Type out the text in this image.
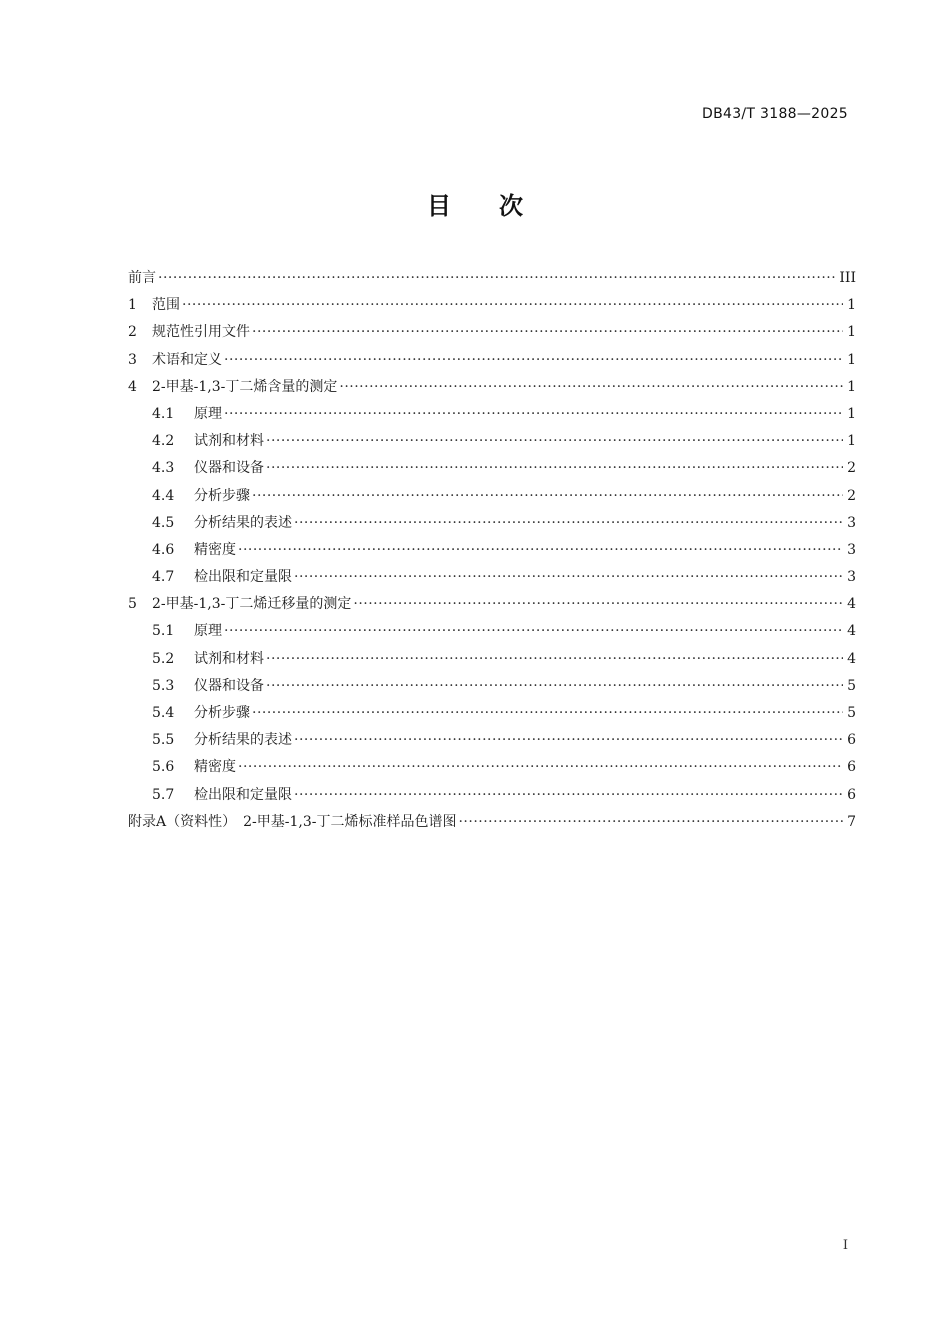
DB43/T 3188—2025
目 次
前言 ·····	III
1	范围 ·····	1
2	规范性引用文件 ·····	1
3	术语和定义 ·····	1
4	2-甲基-1,3-丁二烯含量的测定 ·····	1
4.1	原理 ·····	1
4.2	试剂和材料 ·····	1
4.3	仪器和设备 ·····	2
4.4	分析步骤 ·····	2
4.5	分析结果的表述 ·····	3
4.6	精密度 ·····	3
4.7	检出限和定量限 ·····	3
5	2-甲基-1,3-丁二烯迁移量的测定 ·····	4
5.1	原理 ·····	4
5.2	试剂和材料 ·····	4
5.3	仪器和设备 ·····	5
5.4	分析步骤 ·····	5
5.5	分析结果的表述 ·····	6
5.6	精密度 ·····	6
5.7	检出限和定量限 ·····	6
附录A（资料性）　2-甲基-1,3-丁二烯标准样品色谱图 ·····	7
I
